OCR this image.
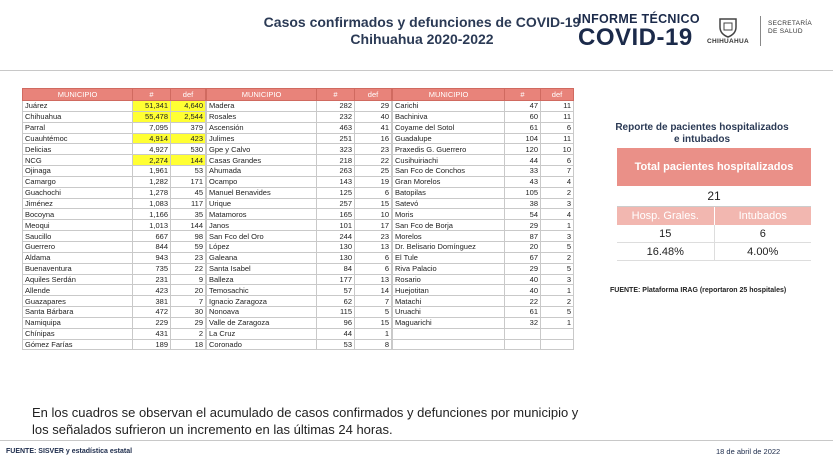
Casos confirmados y defunciones de COVID-19
Chihuahua 2020-2022
INFORME TÉCNICO
COVID-19	CHIHUAHUA
SECRETARÍA
DE SALUD
MUNICIPIO	#	def
Juárez	51,341	4,640
Chihuahua	55,478	2,544
Parral	7,095	379
Cuauhtémoc	4,914	423
Delicias	4,927	530
NCG	2,274	144
Ojinaga	1,961	53
Camargo	1,282	171
Guachochi	1,278	45
Jiménez	1,083	117
Bocoyna	1,166	35
Meoqui	1,013	144
Saucillo	667	98
Guerrero	844	59
Aldama	943	23
Buenaventura	735	22
Aquiles Serdán	231	9
Allende	423	20
Guazapares	381	7
Santa Bárbara	472	30
Namiquipa	229	29
Chínipas	431	2
Gómez Farías	189	18
MUNICIPIO	#	def
Madera	282	29
Rosales	232	40
Ascensión	463	41
Julimes	251	16
Gpe y Calvo	323	23
Casas Grandes	218	22
Ahumada	263	25
Ocampo	143	19
Manuel Benavides	125	6
Urique	257	15
Matamoros	165	10
Janos	101	17
San Fco del Oro	244	23
López	130	13
Galeana	130	6
Santa Isabel	84	6
Balleza	177	13
Temosachic	57	14
Ignacio Zaragoza	62	7
Nonoava	115	5
Valle de Zaragoza	96	15
La Cruz	44	1
Coronado	53	8
MUNICIPIO	#	def
Carichi	47	11
Bachiniva	60	11
Coyame del Sotol	61	6
Guadalupe	104	11
Praxedis G. Guerrero	120	10
Cusihuiriachi	44	6
San Fco de Conchos	33	7
Gran Morelos	43	4
Batopilas	105	2
Satevó	38	3
Moris	54	4
San Fco de Borja	29	1
Morelos	87	3
Dr. Belisario Domínguez	20	5
El Tule	67	2
Riva Palacio	29	5
Rosario	40	3
Huejotitan	40	1
Matachi	22	2
Uruachi	61	5
Maguarichi	32	1

Reporte de pacientes hospitalizados
e intubados
Total pacientes hospitalizados
21
Hosp. Grales.	Intubados
15	6
16.48%	4.00%
FUENTE: Plataforma IRAG (reportaron 25 hospitales)
En los cuadros se observan el acumulado de casos confirmados y defunciones por municipio y los señalados sufrieron un incremento en las últimas 24 horas.
FUENTE: SISVER y estadística estatal	18 de abril de 2022
